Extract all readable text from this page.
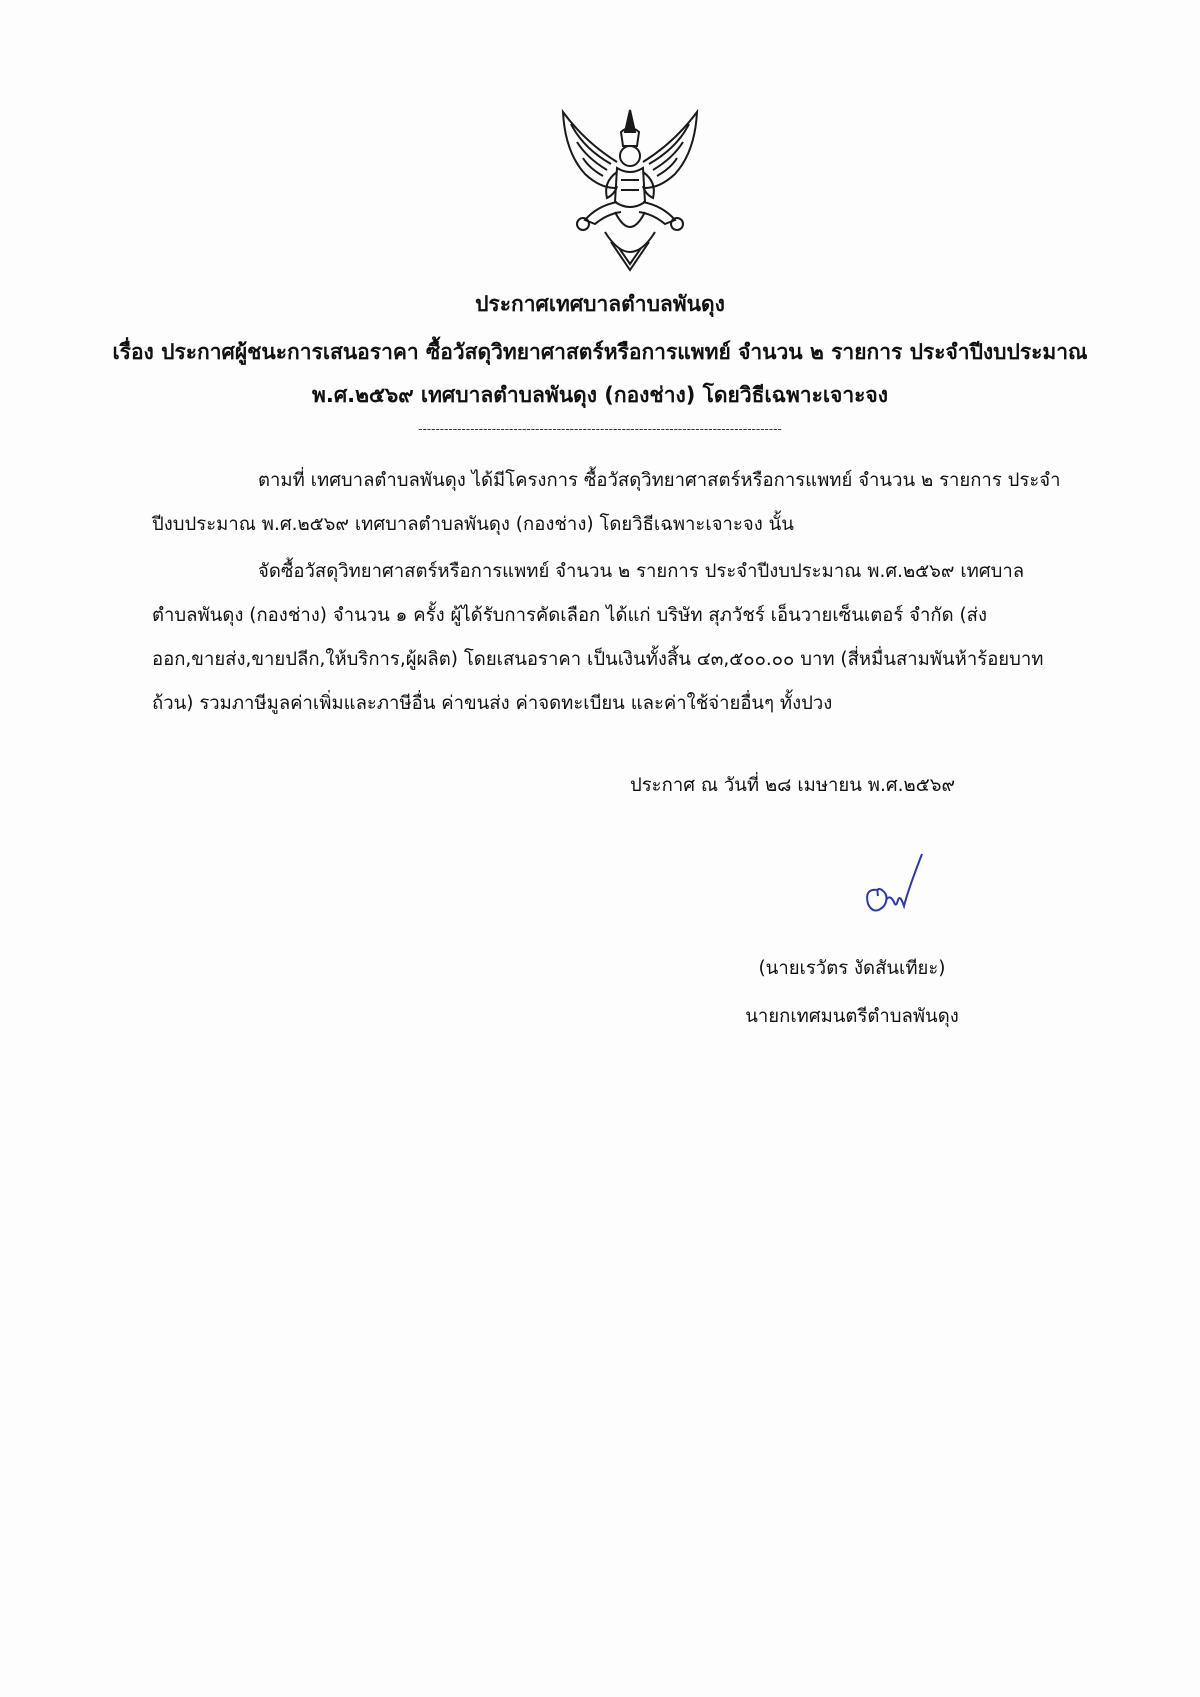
ประกาศเทศบาลตำบลพันดุง
เรื่อง ประกาศผู้ชนะการเสนอราคา ซื้อวัสดุวิทยาศาสตร์หรือการแพทย์ จำนวน ๒ รายการ ประจำปีงบประมาณ
พ.ศ.๒๕๖๙ เทศบาลตำบลพันดุง (กองช่าง) โดยวิธีเฉพาะเจาะจง
------------------------------------------------------------------------------------
ตามที่ เทศบาลตำบลพันดุง ได้มีโครงการ ซื้อวัสดุวิทยาศาสตร์หรือการแพทย์ จำนวน ๒ รายการ ประจำ
ปีงบประมาณ พ.ศ.๒๕๖๙ เทศบาลตำบลพันดุง (กองช่าง) โดยวิธีเฉพาะเจาะจง นั้น
จัดซื้อวัสดุวิทยาศาสตร์หรือการแพทย์ จำนวน ๒ รายการ ประจำปีงบประมาณ พ.ศ.๒๕๖๙ เทศบาล
ตำบลพันดุง (กองช่าง) จำนวน ๑ ครั้ง ผู้ได้รับการคัดเลือก ได้แก่ บริษัท สุภวัชร์ เอ็นวายเซ็นเตอร์ จำกัด (ส่ง
ออก,ขายส่ง,ขายปลีก,ให้บริการ,ผู้ผลิต) โดยเสนอราคา เป็นเงินทั้งสิ้น ๔๓,๕๐๐.๐๐ บาท (สี่หมื่นสามพันห้าร้อยบาท
ถ้วน) รวมภาษีมูลค่าเพิ่มและภาษีอื่น ค่าขนส่ง ค่าจดทะเบียน และค่าใช้จ่ายอื่นๆ ทั้งปวง
ประกาศ ณ วันที่ ๒๘ เมษายน พ.ศ.๒๕๖๙
(นายเรวัตร งัดสันเทียะ)
นายกเทศมนตรีตำบลพันดุง
